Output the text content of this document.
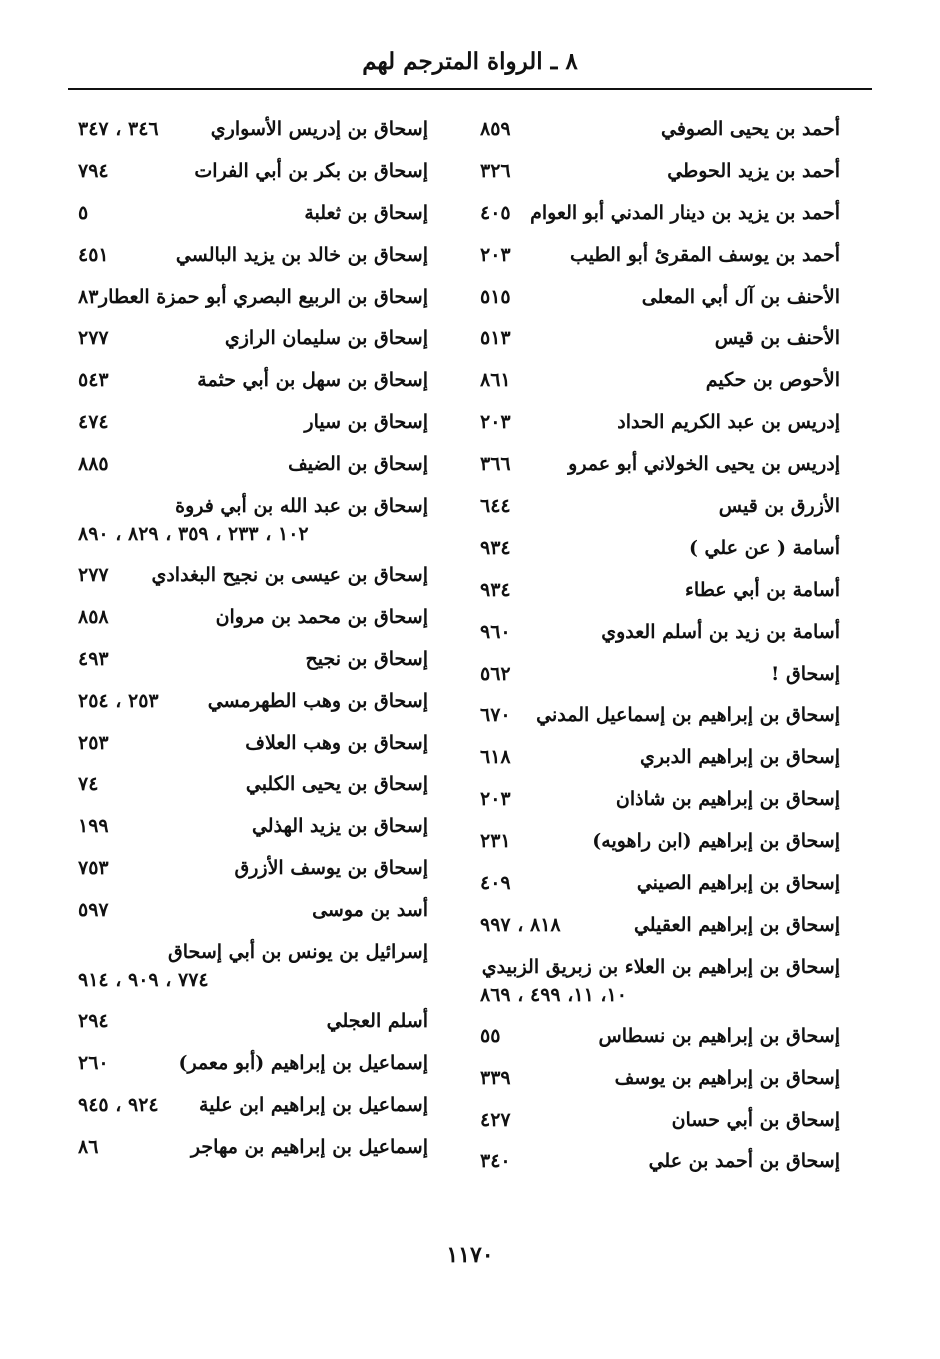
٨ ـ الرواة المترجم لهم
أحمد بن يحيى الصوفي
٨٥٩
أحمد بن يزيد الحوطي
٣٢٦
أحمد بن يزيد بن دينار المدني أبو العوام
٤٠٥
أحمد بن يوسف المقرئ أبو الطيب
٢٠٣
الأحنف بن آل أبي المعلى
٥١٥
الأحنف بن قيس
٥١٣
الأحوص بن حكيم
٨٦١
إدريس بن عبد الكريم الحداد
٢٠٣
إدريس بن يحيى الخولاني أبو عمرو
٣٦٦
الأزرق بن قيس
٦٤٤
أسامة ( عن علي )
٩٣٤
أسامة بن أبي عطاء
٩٣٤
أسامة بن زيد بن أسلم العدوي
٩٦٠
إسحاق !
٥٦٢
إسحاق بن إبراهيم بن إسماعيل المدني
٦٧٠
إسحاق بن إبراهيم الدبري
٦١٨
إسحاق بن إبراهيم بن شاذان
٢٠٣
إسحاق بن إبراهيم (ابن راهويه)
٢٣١
إسحاق بن إبراهيم الصيني
٤٠٩
إسحاق بن إبراهيم العقيلي
٨١٨ ، ٩٩٧
إسحاق بن إبراهيم بن العلاء بن زبريق الزبيدي
١٠، ١١، ٤٩٩ ، ٨٦٩
إسحاق بن إبراهيم بن نسطاس
٥٥
إسحاق بن إبراهيم بن يوسف
٣٣٩
إسحاق بن أبي حسان
٤٢٧
إسحاق بن أحمد بن علي
٣٤٠
إسحاق بن إدريس الأسواري
٣٤٦ ، ٣٤٧
إسحاق بن بكر بن أبي الفرات
٧٩٤
إسحاق بن ثعلبة
٥
إسحاق بن خالد بن يزيد البالسي
٤٥١
إسحاق بن الربيع البصري أبو حمزة العطار
٨٣
إسحاق بن سليمان الرازي
٢٧٧
إسحاق بن سهل بن أبي حثمة
٥٤٣
إسحاق بن سيار
٤٧٤
إسحاق بن الضيف
٨٨٥
إسحاق بن عبد الله بن أبي فروة
١٠٢ ، ٢٣٣ ، ٣٥٩ ، ٨٢٩ ، ٨٩٠
إسحاق بن عيسى بن نجيح البغدادي
٢٧٧
إسحاق بن محمد بن مروان
٨٥٨
إسحاق بن نجيح
٤٩٣
إسحاق بن وهب الطهرمسي
٢٥٣ ، ٢٥٤
إسحاق بن وهب العلاف
٢٥٣
إسحاق بن يحيى الكلبي
٧٤
إسحاق بن يزيد الهذلي
١٩٩
إسحاق بن يوسف الأزرق
٧٥٣
أسد بن موسى
٥٩٧
إسرائيل بن يونس بن أبي إسحاق
٧٧٤ ، ٩٠٩ ، ٩١٤
أسلم العجلي
٢٩٤
إسماعيل بن إبراهيم (أبو معمر)
٢٦٠
إسماعيل بن إبراهيم ابن علية
٩٢٤ ، ٩٤٥
إسماعيل بن إبراهيم بن مهاجر
٨٦
١١٧٠
